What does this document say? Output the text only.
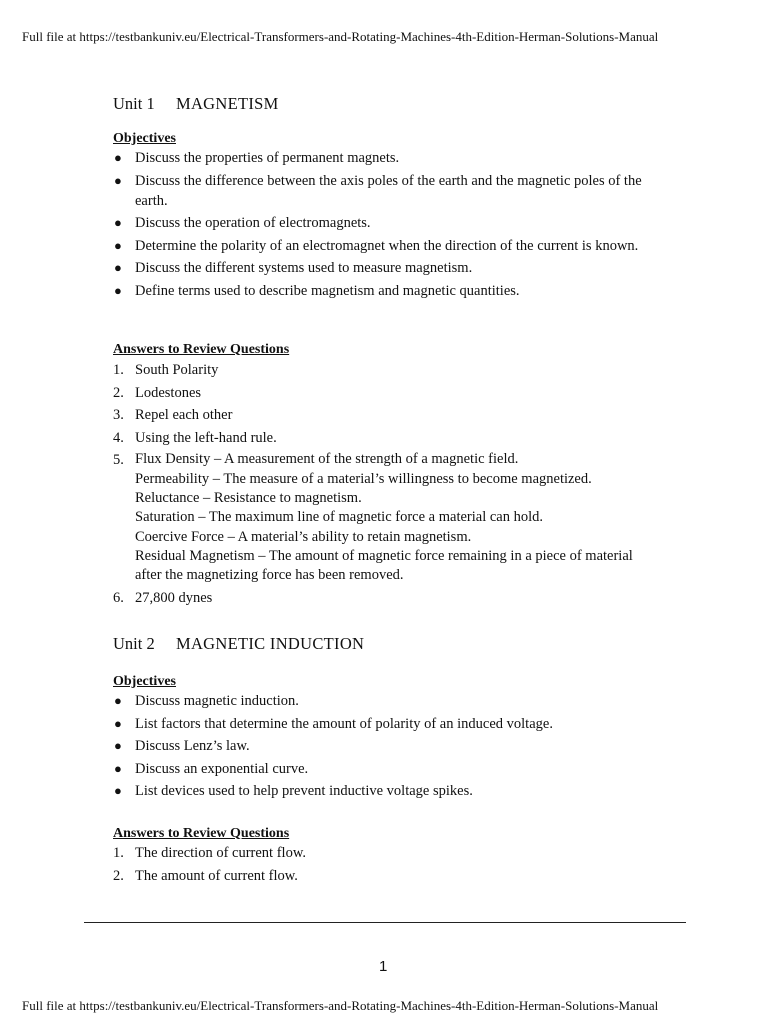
Full file at https://testbankuniv.eu/Electrical-Transformers-and-Rotating-Machines-4th-Edition-Herman-Solutions-Manual
Unit 1 MAGNETISM
Objectives
● Discuss the properties of permanent magnets.
● Discuss the difference between the axis poles of the earth and the magnetic poles of the earth.
● Discuss the operation of electromagnets.
● Determine the polarity of an electromagnet when the direction of the current is known.
● Discuss the different systems used to measure magnetism.
● Define terms used to describe magnetism and magnetic quantities.
Answers to Review Questions
1. South Polarity
2. Lodestones
3. Repel each other
4. Using the left-hand rule.
5. Flux Density – A measurement of the strength of a magnetic field.
Permeability – The measure of a material’s willingness to become magnetized.
Reluctance – Resistance to magnetism.
Saturation – The maximum line of magnetic force a material can hold.
Coercive Force – A material’s ability to retain magnetism.
Residual Magnetism – The amount of magnetic force remaining in a piece of material after the magnetizing force has been removed.
6. 27,800 dynes
Unit 2 MAGNETIC INDUCTION
Objectives
● Discuss magnetic induction.
● List factors that determine the amount of polarity of an induced voltage.
● Discuss Lenz’s law.
● Discuss an exponential curve.
● List devices used to help prevent inductive voltage spikes.
Answers to Review Questions
1. The direction of current flow.
2. The amount of current flow.
1
Full file at https://testbankuniv.eu/Electrical-Transformers-and-Rotating-Machines-4th-Edition-Herman-Solutions-Manual
